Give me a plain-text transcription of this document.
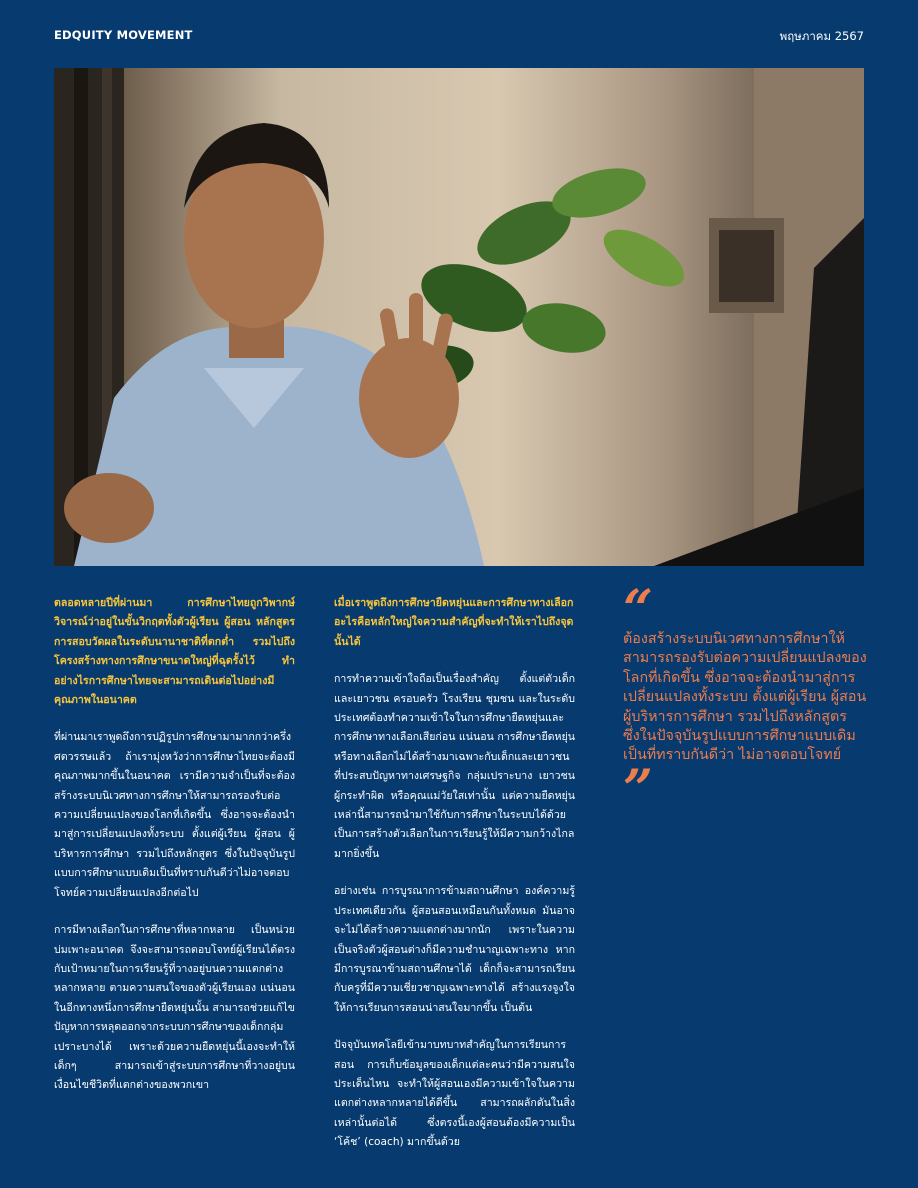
EDQUITY MOVEMENT	พฤษภาคม 2567

ตลอดหลายปีที่ผ่านมา การศึกษาไทยถูกวิพากษ์วิจารณ์ว่าอยู่ในขั้นวิกฤตทั้งตัวผู้เรียน ผู้สอน หลักสูตร การสอบวัดผลในระดับนานาชาติที่ตกต่ำ รวมไปถึงโครงสร้างทางการศึกษาขนาดใหญ่ที่ฉุดรั้งไว้ ทำอย่างไรการศึกษาไทยจะสามารถเดินต่อไปอย่างมีคุณภาพในอนาคต

ที่ผ่านมาเราพูดถึงการปฏิรูปการศึกษามามากกว่าครึ่งศตวรรษแล้ว ถ้าเรามุ่งหวังว่าการศึกษาไทยจะต้องมีคุณภาพมากขึ้นในอนาคต เรามีความจำเป็นที่จะต้องสร้างระบบนิเวศทางการศึกษาให้สามารถรองรับต่อความเปลี่ยนแปลงของโลกที่เกิดขึ้น ซึ่งอาจจะต้องนำมาสู่การเปลี่ยนแปลงทั้งระบบ ตั้งแต่ผู้เรียน ผู้สอน ผู้บริหารการศึกษา รวมไปถึงหลักสูตร ซึ่งในปัจจุบันรูปแบบการศึกษาแบบเดิมเป็นที่ทราบกันดีว่าไม่อาจตอบโจทย์ความเปลี่ยนแปลงอีกต่อไป

การมีทางเลือกในการศึกษาที่หลากหลาย เป็นหน่วยบ่มเพาะอนาคต จึงจะสามารถตอบโจทย์ผู้เรียนได้ตรงกับเป้าหมายในการเรียนรู้ที่วางอยู่บนความแตกต่างหลากหลาย ตามความสนใจของตัวผู้เรียนเอง แน่นอน ในอีกทางหนึ่งการศึกษายืดหยุ่นนั้น สามารถช่วยแก้ไขปัญหาการหลุดออกจากระบบการศึกษาของเด็กกลุ่มเปราะบางได้ เพราะด้วยความยืดหยุ่นนี้เองจะทำให้เด็กๆ สามารถเข้าสู่ระบบการศึกษาที่วางอยู่บนเงื่อนไขชีวิตที่แตกต่างของพวกเขา

เมื่อเราพูดถึงการศึกษายืดหยุ่นและการศึกษาทางเลือก อะไรคือหลักใหญ่ใจความสำคัญที่จะทำให้เราไปถึงจุดนั้นได้

การทำความเข้าใจถือเป็นเรื่องสำคัญ ตั้งแต่ตัวเด็กและเยาวชน ครอบครัว โรงเรียน ชุมชน และในระดับประเทศต้องทำความเข้าใจในการศึกษายืดหยุ่นและการศึกษาทางเลือกเสียก่อน แน่นอน การศึกษายืดหยุ่นหรือทางเลือกไม่ได้สร้างมาเฉพาะกับเด็กและเยาวชนที่ประสบปัญหาทางเศรษฐกิจ กลุ่มเปราะบาง เยาวชนผู้กระทำผิด หรือคุณแม่วัยใสเท่านั้น แต่ความยืดหยุ่นเหล่านี้สามารถนำมาใช้กับการศึกษาในระบบได้ด้วย เป็นการสร้างตัวเลือกในการเรียนรู้ให้มีความกว้างไกลมากยิ่งขึ้น

อย่างเช่น การบูรณาการข้ามสถานศึกษา องค์ความรู้ประเทศเดียวกัน ผู้สอนสอนเหมือนกันทั้งหมด มันอาจจะไม่ได้สร้างความแตกต่างมากนัก เพราะในความเป็นจริงตัวผู้สอนต่างก็มีความชำนาญเฉพาะทาง หากมีการบูรณาข้ามสถานศึกษาได้ เด็กก็จะสามารถเรียนกับครูที่มีความเชี่ยวชาญเฉพาะทางได้ สร้างแรงจูงใจให้การเรียนการสอนน่าสนใจมากขึ้น เป็นต้น

ปัจจุบันเทคโลยีเข้ามาบทบาทสำคัญในการเรียนการสอน การเก็บข้อมูลของเด็กแต่ละคนว่ามีความสนใจประเด็นไหน จะทำให้ผู้สอนเองมีความเข้าใจในความแตกต่างหลากหลายได้ดีขึ้น สามารถผลักดันในสิ่งเหล่านั้นต่อได้ ซึ่งตรงนี้เองผู้สอนต้องมีความเป็น ‘โค้ช’ (coach) มากขึ้นด้วย

“
ต้องสร้างระบบนิเวศทางการศึกษาให้สามารถรองรับต่อความเปลี่ยนแปลงของโลกที่เกิดขึ้น ซึ่งอาจจะต้องนำมาสู่การเปลี่ยนแปลงทั้งระบบ ตั้งแต่ผู้เรียน ผู้สอน ผู้บริหารการศึกษา รวมไปถึงหลักสูตร ซึ่งในปัจจุบันรูปแบบการศึกษาแบบเดิม เป็นที่ทราบกันดีว่า ไม่อาจตอบโจทย์
”
